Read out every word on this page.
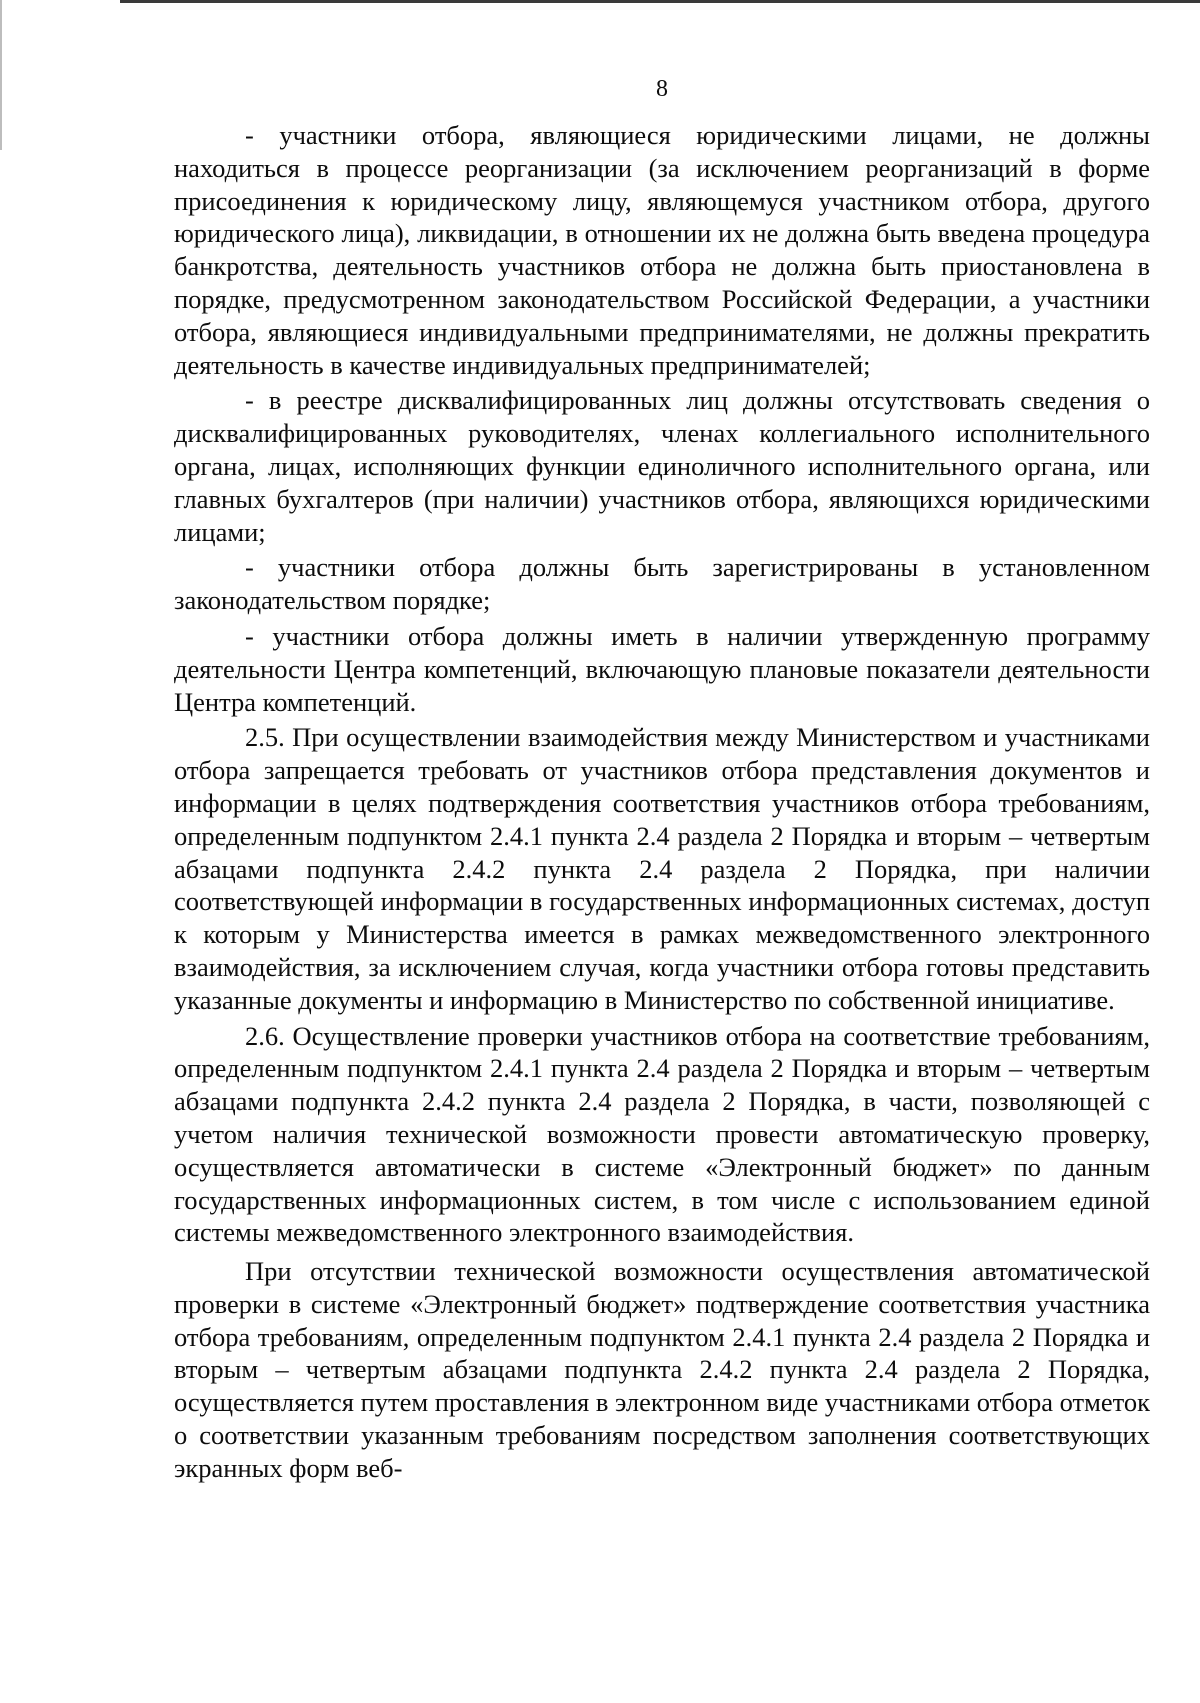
8

- участники отбора, являющиеся юридическими лицами, не должны находиться в процессе реорганизации (за исключением реорганизаций в форме присоединения к юридическому лицу, являющемуся участником отбора, другого юридического лица), ликвидации, в отношении их не должна быть введена процедура банкротства, деятельность участников отбора не должна быть приостановлена в порядке, предусмотренном законодательством Российской Федерации, а участники отбора, являющиеся индивидуальными предпринимателями, не должны прекратить деятельность в качестве индивидуальных предпринимателей;

- в реестре дисквалифицированных лиц должны отсутствовать сведения о дисквалифицированных руководителях, членах коллегиального исполнительного органа, лицах, исполняющих функции единоличного исполнительного органа, или главных бухгалтеров (при наличии) участников отбора, являющихся юридическими лицами;

- участники отбора должны быть зарегистрированы в установленном законодательством порядке;

- участники отбора должны иметь в наличии утвержденную программу деятельности Центра компетенций, включающую плановые показатели деятельности Центра компетенций.

2.5. При осуществлении взаимодействия между Министерством и участниками отбора запрещается требовать от участников отбора представления документов и информации в целях подтверждения соответствия участников отбора требованиям, определенным подпунктом 2.4.1 пункта 2.4 раздела 2 Порядка и вторым – четвертым абзацами подпункта 2.4.2 пункта 2.4 раздела 2 Порядка, при наличии соответствующей информации в государственных информационных системах, доступ к которым у Министерства имеется в рамках межведомственного электронного взаимодействия, за исключением случая, когда участники отбора готовы представить указанные документы и информацию в Министерство по собственной инициативе.

2.6. Осуществление проверки участников отбора на соответствие требованиям, определенным подпунктом 2.4.1 пункта 2.4 раздела 2 Порядка и вторым – четвертым абзацами подпункта 2.4.2 пункта 2.4 раздела 2 Порядка, в части, позволяющей с учетом наличия технической возможности провести автоматическую проверку, осуществляется автоматически в системе «Электронный бюджет» по данным государственных информационных систем, в том числе с использованием единой системы межведомственного электронного взаимодействия.

При отсутствии технической возможности осуществления автоматической проверки в системе «Электронный бюджет» подтверждение соответствия участника отбора требованиям, определенным подпунктом 2.4.1 пункта 2.4 раздела 2 Порядка и вторым – четвертым абзацами подпункта 2.4.2 пункта 2.4 раздела 2 Порядка, осуществляется путем проставления в электронном виде участниками отбора отметок о соответствии указанным требованиям посредством заполнения соответствующих экранных форм веб-
